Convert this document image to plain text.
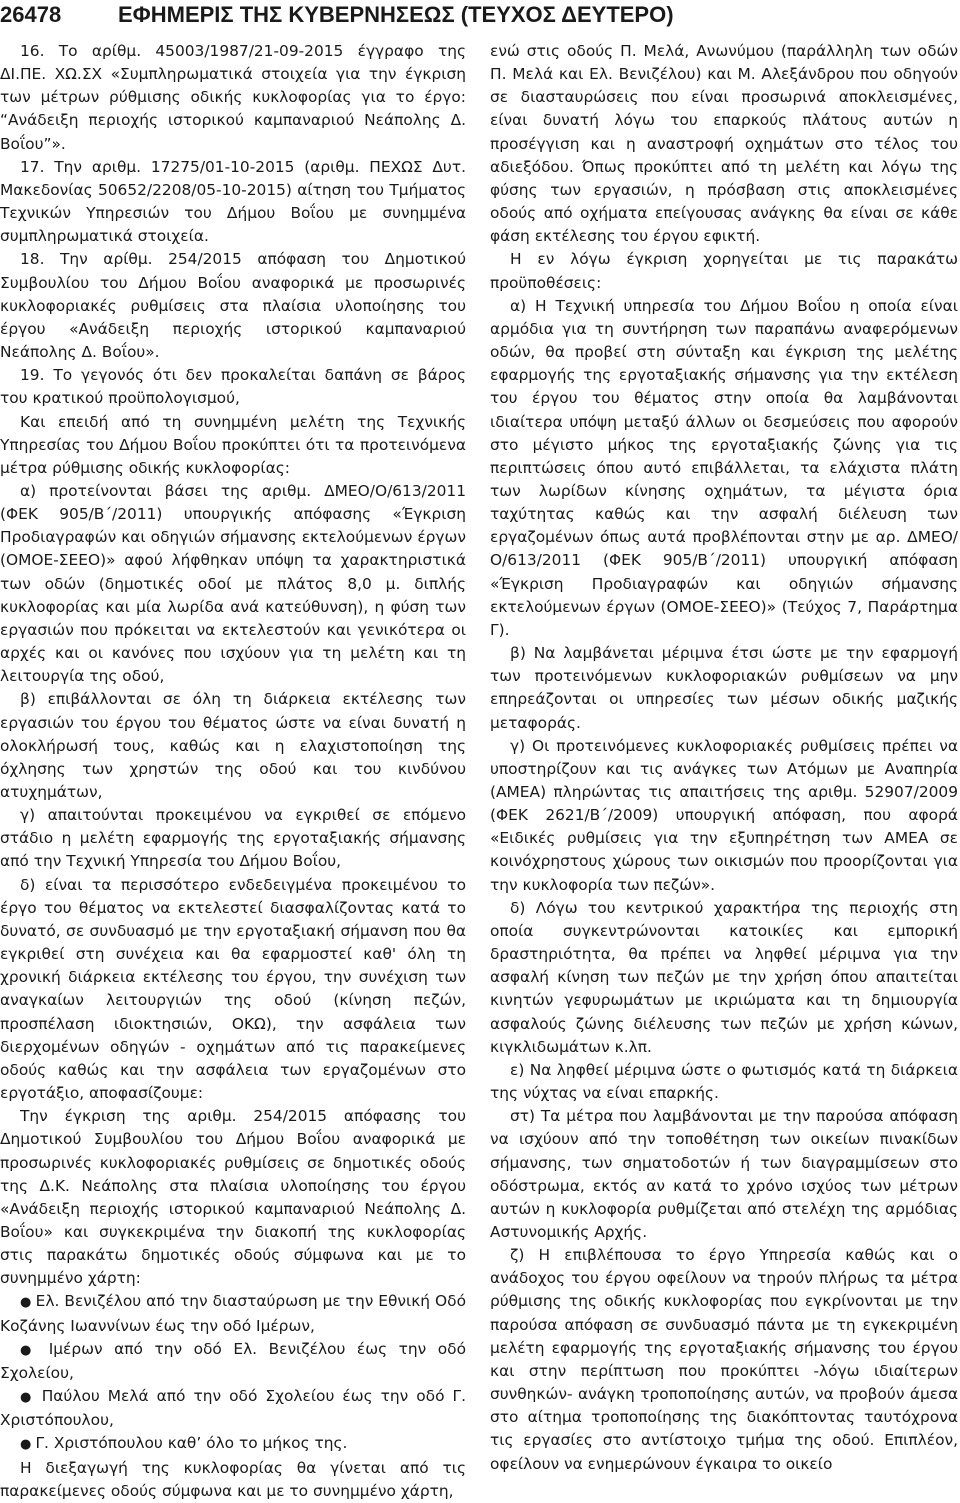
26478	ΕΦΗΜΕΡΙΣ ΤΗΣ ΚΥΒΕΡΝΗΣΕΩΣ (ΤΕΥΧΟΣ ΔΕΥΤΕΡΟ)

16. Το αρίθμ. 45003/1987/21-09-2015 έγγραφο της ΔΙ.ΠΕ. ΧΩ.ΣΧ «Συμπληρωματικά στοιχεία για την έγκριση των μέτρων ρύθμισης οδικής κυκλοφορίας για το έργο: “Ανάδειξη περιοχής ιστορικού καμπαναριού Νεάπολης Δ. Βοΐου”».

17. Την αριθμ. 17275/01-10-2015 (αριθμ. ΠΕΧΩΣ Δυτ. Μακεδονίας 50652/2208/05-10-2015) αίτηση του Τμήματος Τεχνικών Υπηρεσιών του Δήμου Βοΐου με συνημμένα συμπληρωματικά στοιχεία.

18. Την αρίθμ. 254/2015 απόφαση του Δημοτικού Συμβουλίου του Δήμου Βοΐου αναφορικά με προσωρινές κυκλοφοριακές ρυθμίσεις στα πλαίσια υλοποίησης του έργου «Ανάδειξη περιοχής ιστορικού καμπαναριού Νεάπολης Δ. Βοΐου».

19. Το γεγονός ότι δεν προκαλείται δαπάνη σε βάρος του κρατικού προϋπολογισμού,

Και επειδή από τη συνημμένη μελέτη της Τεχνικής Υπηρεσίας του Δήμου Βοΐου προκύπτει ότι τα προτεινόμενα μέτρα ρύθμισης οδικής κυκλοφορίας:

α) προτείνονται βάσει της αριθμ. ΔΜΕΟ/Ο/613/2011 (ΦΕΚ 905/Β΄/2011) υπουργικής απόφασης «Έγκριση Προδιαγραφών και οδηγιών σήμανσης εκτελούμενων έργων (ΟΜΟΕ-ΣΕΕΟ)» αφού λήφθηκαν υπόψη τα χαρακτηριστικά των οδών (δημοτικές οδοί με πλάτος 8,0 μ. διπλής κυκλοφορίας και μία λωρίδα ανά κατεύθυνση), η φύση των εργασιών που πρόκειται να εκτελεστούν και γενικότερα οι αρχές και οι κανόνες που ισχύουν για τη μελέτη και τη λειτουργία της οδού,

β) επιβάλλονται σε όλη τη διάρκεια εκτέλεσης των εργασιών του έργου του θέματος ώστε να είναι δυνατή η ολοκλήρωσή τους, καθώς και η ελαχιστοποίηση της όχλησης των χρηστών της οδού και του κινδύνου ατυχημάτων,

γ) απαιτούνται προκειμένου να εγκριθεί σε επόμενο στάδιο η μελέτη εφαρμογής της εργοταξιακής σήμανσης από την Τεχνική Υπηρεσία του Δήμου Βοΐου,

δ) είναι τα περισσότερο ενδεδειγμένα προκειμένου το έργο του θέματος να εκτελεστεί διασφαλίζοντας κατά το δυνατό, σε συνδυασμό με την εργοταξιακή σήμανση που θα εγκριθεί στη συνέχεια και θα εφαρμοστεί καθ' όλη τη χρονική διάρκεια εκτέλεσης του έργου, την συνέχιση των αναγκαίων λειτουργιών της οδού (κίνηση πεζών, προσπέλαση ιδιοκτησιών, ΟΚΩ), την ασφάλεια των διερχομένων οδηγών - οχημάτων από τις παρακείμενες οδούς καθώς και την ασφάλεια των εργαζομένων στο εργοτάξιο, αποφασίζουμε:

Την έγκριση της αριθμ. 254/2015 απόφασης του Δημοτικού Συμβουλίου του Δήμου Βοΐου αναφορικά με προσωρινές κυκλοφοριακές ρυθμίσεις σε δημοτικές οδούς της Δ.Κ. Νεάπολης στα πλαίσια υλοποίησης του έργου «Ανάδειξη περιοχής ιστορικού καμπαναριού Νεάπολης Δ. Βοΐου» και συγκεκριμένα την διακοπή της κυκλοφορίας στις παρακάτω δημοτικές οδούς σύμφωνα και με το συνημμένο χάρτη:

● Ελ. Βενιζέλου από την διασταύρωση με την Εθνική Οδό Κοζάνης Ιωαννίνων έως την οδό Ιμέρων,

● Ιμέρων από την οδό Ελ. Βενιζέλου έως την οδό Σχολείου,

● Παύλου Μελά από την οδό Σχολείου έως την οδό Γ. Χριστόπουλου,

● Γ. Χριστόπουλου καθ’ όλο το μήκος της.

Η διεξαγωγή της κυκλοφορίας θα γίνεται από τις παρακείμενες οδούς σύμφωνα και με το συνημμένο χάρτη,

ενώ στις οδούς Π. Μελά, Ανωνύμου (παράλληλη των οδών Π. Μελά και Ελ. Βενιζέλου) και Μ. Αλεξάνδρου που οδηγούν σε διασταυρώσεις που είναι προσωρινά αποκλεισμένες, είναι δυνατή λόγω του επαρκούς πλάτους αυτών η προσέγγιση και η αναστροφή οχημάτων στο τέλος του αδιεξόδου. Όπως προκύπτει από τη μελέτη και λόγω της φύσης των εργασιών, η πρόσβαση στις αποκλεισμένες οδούς από οχήματα επείγουσας ανάγκης θα είναι σε κάθε φάση εκτέλεσης του έργου εφικτή.

Η εν λόγω έγκριση χορηγείται με τις παρακάτω προϋποθέσεις:

α) Η Τεχνική υπηρεσία του Δήμου Βοΐου η οποία είναι αρμόδια για τη συντήρηση των παραπάνω αναφερόμενων οδών, θα προβεί στη σύνταξη και έγκριση της μελέτης εφαρμογής της εργοταξιακής σήμανσης για την εκτέλεση του έργου του θέματος στην οποία θα λαμβάνονται ιδιαίτερα υπόψη μεταξύ άλλων οι δεσμεύσεις που αφορούν στο μέγιστο μήκος της εργοταξιακής ζώνης για τις περιπτώσεις όπου αυτό επιβάλλεται, τα ελάχιστα πλάτη των λωρίδων κίνησης οχημάτων, τα μέγιστα όρια ταχύτητας καθώς και την ασφαλή διέλευση των εργαζομένων όπως αυτά προβλέπονται στην με αρ. ΔΜΕΟ/Ο/613/2011 (ΦΕΚ 905/Β΄/2011) υπουργική απόφαση «Έγκριση Προδιαγραφών και οδηγιών σήμανσης εκτελούμενων έργων (ΟΜΟΕ-ΣΕΕΟ)» (Τεύχος 7, Παράρτημα Γ).

β) Να λαμβάνεται μέριμνα έτσι ώστε με την εφαρμογή των προτεινόμενων κυκλοφοριακών ρυθμίσεων να μην επηρεάζονται οι υπηρεσίες των μέσων οδικής μαζικής μεταφοράς.

γ) Οι προτεινόμενες κυκλοφοριακές ρυθμίσεις πρέπει να υποστηρίζουν και τις ανάγκες των Ατόμων με Αναπηρία (ΑΜΕΑ) πληρώντας τις απαιτήσεις της αριθμ. 52907/2009 (ΦΕΚ 2621/Β΄/2009) υπουργική απόφαση, που αφορά «Ειδικές ρυθμίσεις για την εξυπηρέτηση των ΑΜΕΑ σε κοινόχρηστους χώρους των οικισμών που προορίζονται για την κυκλοφορία των πεζών».

δ) Λόγω του κεντρικού χαρακτήρα της περιοχής στη οποία συγκεντρώνονται κατοικίες και εμπορική δραστηριότητα, θα πρέπει να ληφθεί μέριμνα για την ασφαλή κίνηση των πεζών με την χρήση όπου απαιτείται κινητών γεφυρωμάτων με ικριώματα και τη δημιουργία ασφαλούς ζώνης διέλευσης των πεζών με χρήση κώνων, κιγκλιδωμάτων κ.λπ.

ε) Να ληφθεί μέριμνα ώστε ο φωτισμός κατά τη διάρκεια της νύχτας να είναι επαρκής.

στ) Τα μέτρα που λαμβάνονται με την παρούσα απόφαση να ισχύουν από την τοποθέτηση των οικείων πινακίδων σήμανσης, των σηματοδοτών ή των διαγραμμίσεων στο οδόστρωμα, εκτός αν κατά το χρόνο ισχύος των μέτρων αυτών η κυκλοφορία ρυθμίζεται από στελέχη της αρμόδιας Αστυνομικής Αρχής.

ζ) Η επιβλέπουσα το έργο Υπηρεσία καθώς και ο ανάδοχος του έργου οφείλουν να τηρούν πλήρως τα μέτρα ρύθμισης της οδικής κυκλοφορίας που εγκρίνονται με την παρούσα απόφαση σε συνδυασμό πάντα με τη εγκεκριμένη μελέτη εφαρμογής της εργοταξιακής σήμανσης του έργου και στην περίπτωση που προκύπτει -λόγω ιδιαίτερων συνθηκών- ανάγκη τροποποίησης αυτών, να προβούν άμεσα στο αίτημα τροποποίησης της διακόπτοντας ταυτόχρονα τις εργασίες στο αντίστοιχο τμήμα της οδού. Επιπλέον, οφείλουν να ενημερώνουν έγκαιρα το οικείο
